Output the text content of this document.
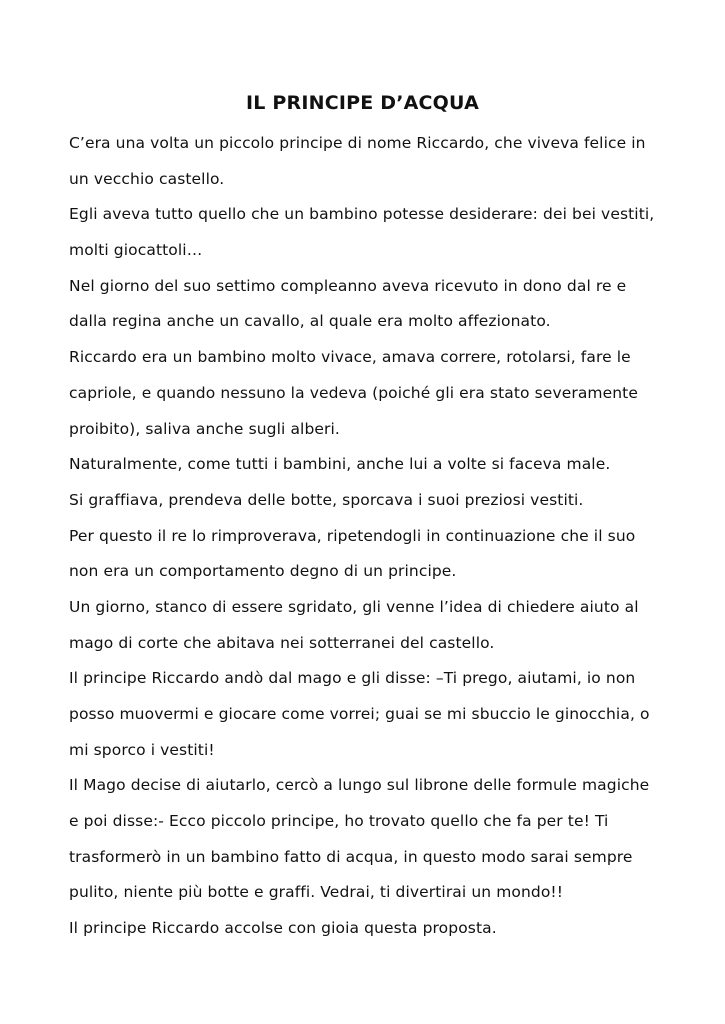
IL PRINCIPE D’ACQUA
C’era una volta un piccolo principe di nome Riccardo, che viveva felice in
un vecchio castello.
Egli aveva tutto quello che un bambino potesse desiderare: dei bei vestiti,
molti giocattoli…
Nel giorno del suo settimo compleanno aveva ricevuto in dono dal re e
dalla regina anche un cavallo, al quale era molto affezionato.
Riccardo era un bambino molto vivace, amava correre, rotolarsi, fare le
capriole, e quando nessuno la vedeva (poiché gli era stato severamente
proibito), saliva anche sugli alberi.
Naturalmente, come tutti i bambini, anche lui a volte si faceva male.
Si graffiava, prendeva delle botte, sporcava i suoi preziosi vestiti.
Per questo il re lo rimproverava, ripetendogli in continuazione che il suo
non era un comportamento degno di un principe.
Un giorno, stanco di essere sgridato, gli venne l’idea di chiedere aiuto al
mago di corte che abitava nei sotterranei del castello.
Il principe Riccardo andò dal mago e gli disse: –Ti prego, aiutami, io non
posso muovermi e giocare come vorrei; guai se mi sbuccio le ginocchia, o
mi sporco i vestiti!
Il Mago decise di aiutarlo, cercò a lungo sul librone delle formule magiche
e poi disse:- Ecco piccolo principe, ho trovato quello che fa per te! Ti
trasformerò in un bambino fatto di acqua, in questo modo sarai sempre
pulito, niente più botte e graffi. Vedrai, ti divertirai un mondo!!
Il principe Riccardo accolse con gioia questa proposta.
